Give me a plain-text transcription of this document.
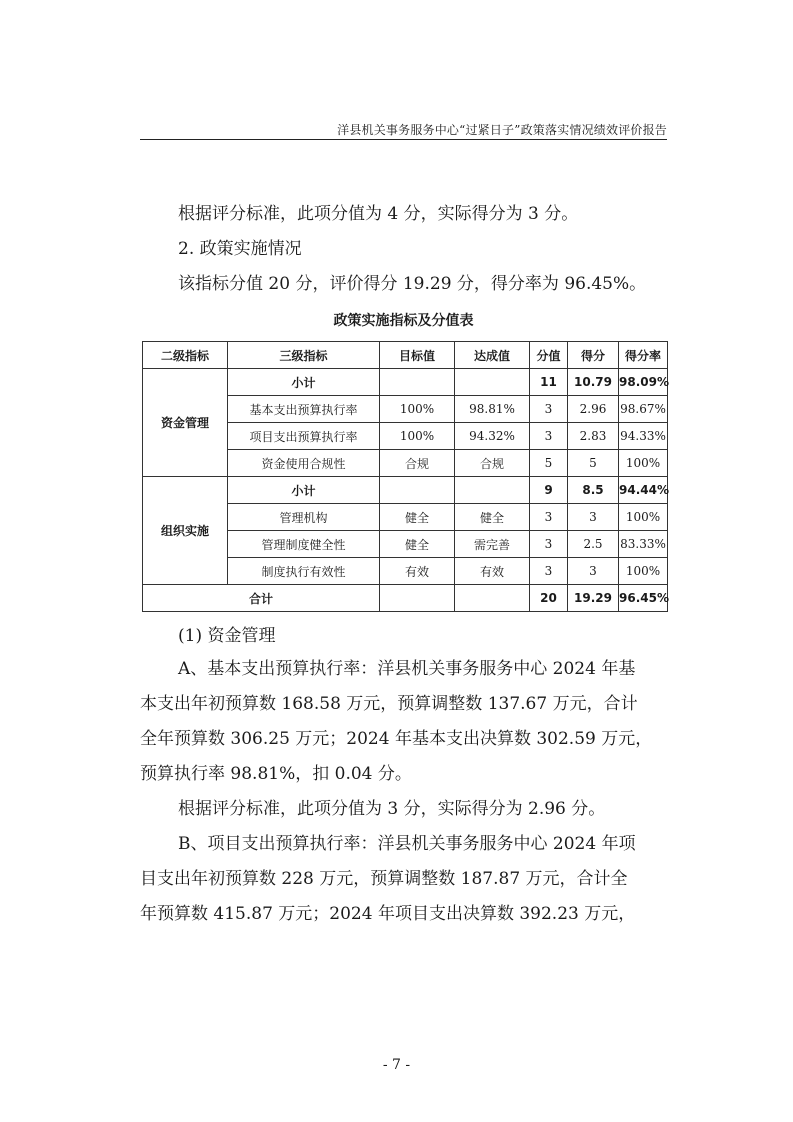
洋县机关事务服务中心“过紧日子”政策落实情况绩效评价报告
根据评分标准，此项分值为 4 分，实际得分为 3 分。
2. 政策实施情况
该指标分值 20 分，评价得分 19.29 分，得分率为 96.45%。
政策实施指标及分值表
二级指标	三级指标	目标值	达成值	分值	得分	得分率
资金管理	小计			11	10.79	98.09%
	基本支出预算执行率	100%	98.81%	3	2.96	98.67%
	项目支出预算执行率	100%	94.32%	3	2.83	94.33%
	资金使用合规性	合规	合规	5	5	100%
组织实施	小计			9	8.5	94.44%
	管理机构	健全	健全	3	3	100%
	管理制度健全性	健全	需完善	3	2.5	83.33%
	制度执行有效性	有效	有效	3	3	100%
合计				20	19.29	96.45%
(1) 资金管理
A、基本支出预算执行率：洋县机关事务服务中心 2024 年基
本支出年初预算数 168.58 万元，预算调整数 137.67 万元，合计
全年预算数 306.25 万元；2024 年基本支出决算数 302.59 万元，
预算执行率 98.81%，扣 0.04 分。
根据评分标准，此项分值为 3 分，实际得分为 2.96 分。
B、项目支出预算执行率：洋县机关事务服务中心 2024 年项
目支出年初预算数 228 万元，预算调整数 187.87 万元，合计全
年预算数 415.87 万元；2024 年项目支出决算数 392.23 万元，
- 7 -
